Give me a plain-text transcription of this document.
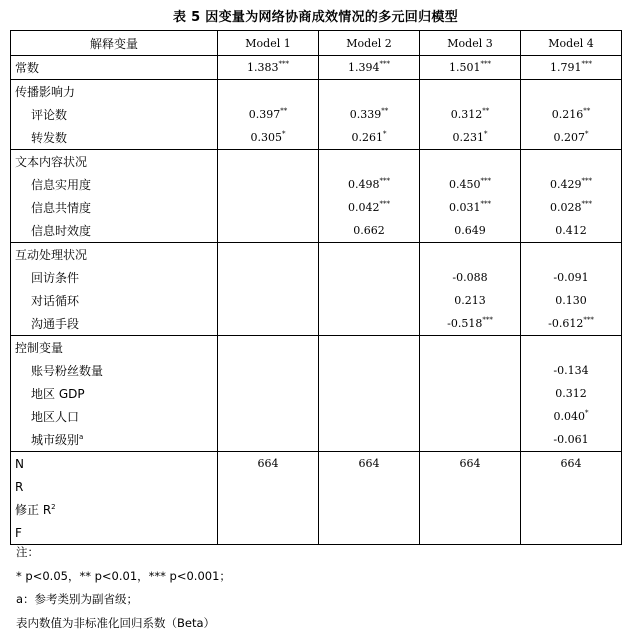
表 5 因变量为网络协商成效情况的多元回归模型
解释变量	Model 1	Model 2	Model 3	Model 4
常数	1.383***	1.394***	1.501***	1.791***
传播影响力				
评论数	0.397**	0.339**	0.312**	0.216**
转发数	0.305*	0.261*	0.231*	0.207*
文本内容状况				
信息实用度		0.498***	0.450***	0.429***
信息共情度		0.042***	0.031***	0.028***
信息时效度		0.662	0.649	0.412
互动处理状况				
回访条件			-0.088	-0.091
对话循环			0.213	0.130
沟通手段			-0.518***	-0.612***
控制变量				
账号粉丝数量				-0.134
地区 GDP				0.312
地区人口				0.040*
城市级别$^a$				-0.061
N	664	664	664	664
R				
修正 $R^2$				
F				
注：
* p<0.05，** p<0.01，*** p<0.001；
a：参考类别为副省级；
表内数值为非标准化回归系数（Beta）
